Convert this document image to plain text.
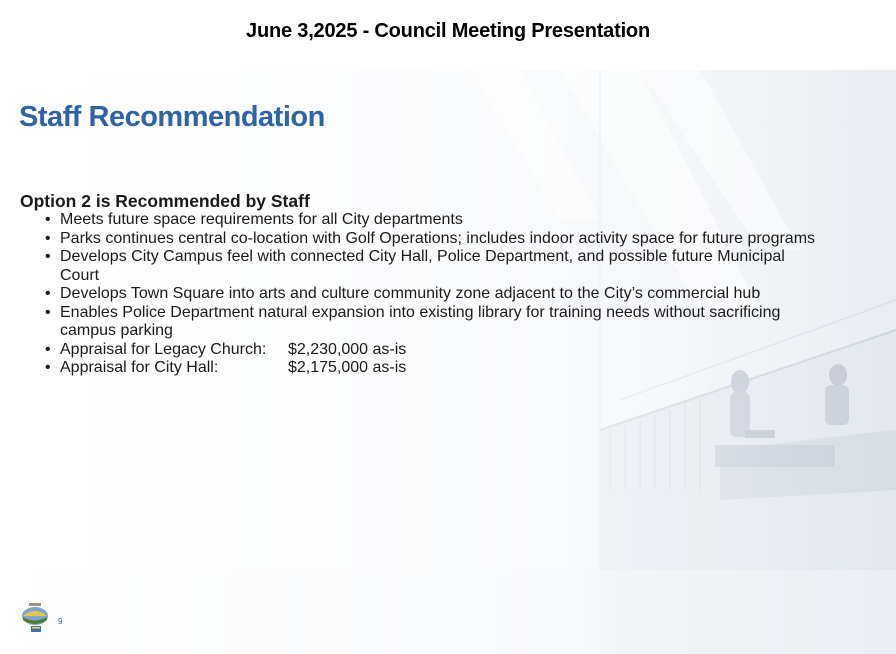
June 3,2025 - Council Meeting Presentation
Staff Recommendation

Option 2 is Recommended by Staff

• Meets future space requirements for all City departments
• Parks continues central co-location with Golf Operations; includes indoor activity space for future programs
• Develops City Campus feel with connected City Hall, Police Department, and possible future Municipal Court
• Develops Town Square into arts and culture community zone adjacent to the City’s commercial hub
• Enables Police Department natural expansion into existing library for training needs without sacrificing campus parking
• Appraisal for Legacy Church: $2,230,000 as-is
• Appraisal for City Hall:	$2,175,000 as-is
9
